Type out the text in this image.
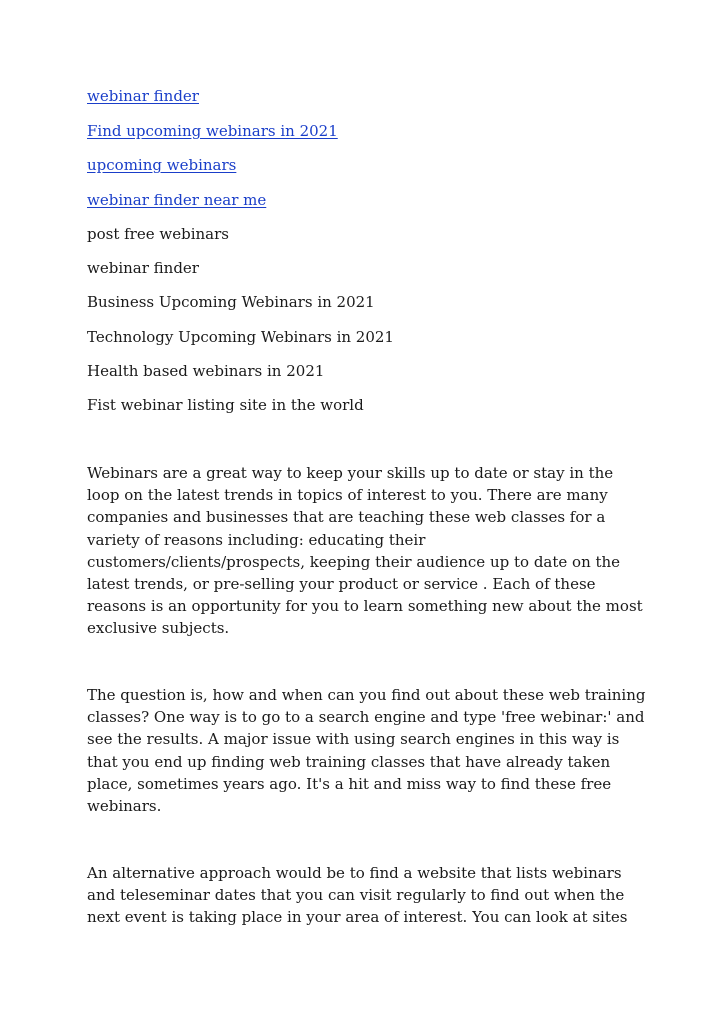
webinar finder
Find upcoming webinars in 2021
upcoming webinars
webinar finder near me
post free webinars
webinar finder
Business Upcoming Webinars in 2021
Technology Upcoming Webinars in 2021
Health based webinars in 2021
Fist webinar listing site in the world

Webinars are a great way to keep your skills up to date or stay in the loop on the latest trends in topics of interest to you. There are many companies and businesses that are teaching these web classes for a variety of reasons including: educating their customers/clients/prospects, keeping their audience up to date on the latest trends, or pre-selling your product or service . Each of these reasons is an opportunity for you to learn something new about the most exclusive subjects.

The question is, how and when can you find out about these web training classes? One way is to go to a search engine and type 'free webinar:' and see the results. A major issue with using search engines in this way is that you end up finding web training classes that have already taken place, sometimes years ago. It's a hit and miss way to find these free webinars.

An alternative approach would be to find a website that lists webinars and teleseminar dates that you can visit regularly to find out when the next event is taking place in your area of interest. You can look at sites
